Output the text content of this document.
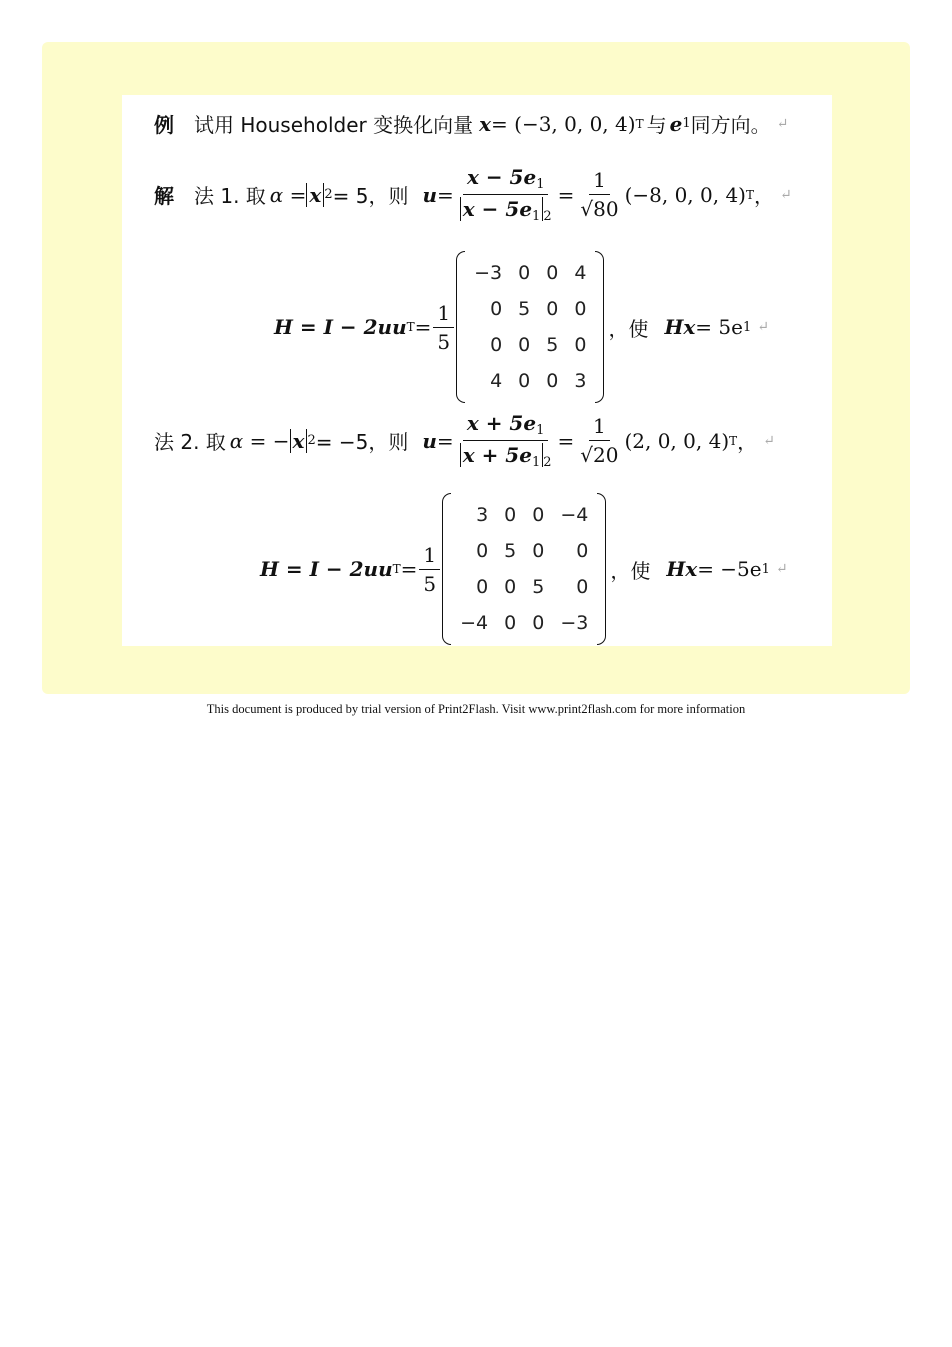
例 试用 Householder 变换化向量 x = (−3, 0, 0, 4) T 与 e 1 同方向。 ↵
解 法 1. 取 α = x 2 = 5，则 $u = \frac{x - 5e_1}{x - 5e_1 _2} = \frac{1}{√80} (-8$, 0, 0, 4) T ， ↵
H = I − 2uu $T = \frac{1}{5}$
−3	0	0	4
0	5	0	0
0	0	5	0
4	0	0	3
，使 Hx = 5e 1 ↵
法 2. 取 α = − x 2 = −5，则 $u = \frac{x + 5e_1}{x + 5e_1 _2} = \frac{1}{√20} (2$, 0, 0, 4) T ， ↵
H = I − 2uu $T = \frac{1}{5}$
3	0	0	−4
0	5	0	0
0	0	5	0
−4	0	0	−3
，使 Hx = −5e 1 ↵
This document is produced by trial version of Print2Flash. Visit www.print2flash.com for more information
